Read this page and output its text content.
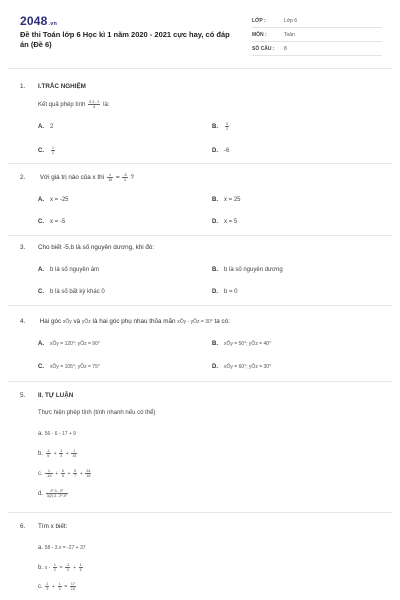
2048.vn
Đề thi Toán lớp 6 Học kì 1 năm 2020 - 2021 cực hay, có đáp án (Đề 6)
LỚP :	Lớp 6
MÔN :	Toán
SỐ CÂU : 8
1. I.TRẮC NGHIỆM
Kết quả phép tính $\frac{5\cdot 3 - 2}{4}$ là:
A. 2	B. $\frac{3}{2}$
C. $\frac{1}{2}$	D. -6
2. Với giá trị nào của x thì $\frac{x}{15} = \frac{-5}{3}$ ?
A. x = -25	B. x = 25
C. x = -5	D. x = 5
3. Cho biết -5.b là số nguyên dương, khi đó:
A. b là số nguyên âm	B. b là số nguyên dương
C. b là số bất kỳ khác 0	D. b = 0
4. Hai góc xÔy và yÔz là hai góc phụ nhau thỏa mãn xÔy - yÔz = 30° ta có:
A. xÔy = 120°; yÔz = 90°	B. xÔy = 50°; yÔz = 40°
C. xÔy = 105°; yÔz = 75°	D. xÔy = 60°; yÔz = 30°
5. II. TỰ LUẬN
Thực hiện phép tính (tính nhanh nếu có thể)
a. 56 - 6 - 17 + 9
b. $\frac{-1}{5} + \frac{1}{3} + \frac{1}{15}$
c. $\frac{1}{-15} + \frac{6}{5} + \frac{5}{7} + \frac{24}{15}$
d. $\frac{\text{2².3 - 2²}}{\text{3(2).3 - 2².3²}}$
6. Tìm x biết:
a. 58 - 3.x = -27 + 37
b. $x - \frac{1}{2} = \frac{-2}{3} + \frac{1}{5}$
c. $\frac{2}{3} + \frac{1}{3} = \frac{17}{15}$
